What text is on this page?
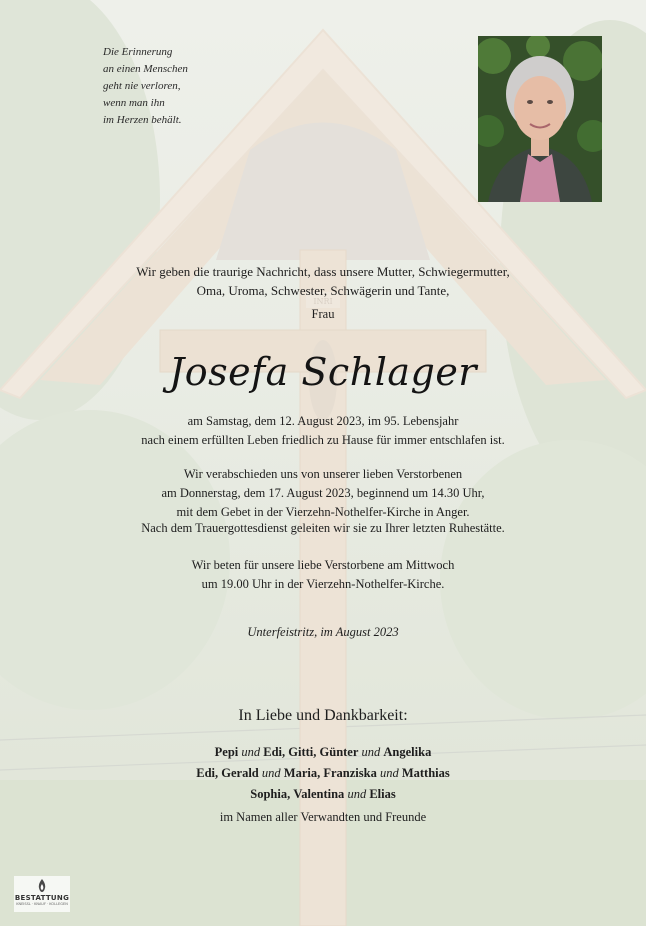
INRI
Die Erinnerung
an einen Menschen
geht nie verloren,
wenn man ihn
im Herzen behält.
Wir geben die traurige Nachricht, dass unsere Mutter, Schwiegermutter,
Oma, Uroma, Schwester, Schwägerin und Tante,
Frau
Josefa Schlager
am Samstag, dem 12. August 2023, im 95. Lebensjahr
nach einem erfüllten Leben friedlich zu Hause für immer entschlafen ist.
Wir verabschieden uns von unserer lieben Verstorbenen
am Donnerstag, dem 17. August 2023, beginnend um 14.30 Uhr,
mit dem Gebet in der Vierzehn-Nothelfer-Kirche in Anger.
Nach dem Trauergottesdienst geleiten wir sie zu Ihrer letzten Ruhestätte.
Wir beten für unsere liebe Verstorbene am Mittwoch
um 19.00 Uhr in der Vierzehn-Nothelfer-Kirche.
Unterfeistritz, im August 2023
In Liebe und Dankbarkeit:
Pepi und Edi, Gitti, Günter und Angelika
Edi, Gerald und Maria, Franziska und Matthias
Sophia, Valentina und Elias
im Namen aller Verwandten und Freunde
BESTATTUNG
KNEISSL · KNAUF · KOLLEGEN
